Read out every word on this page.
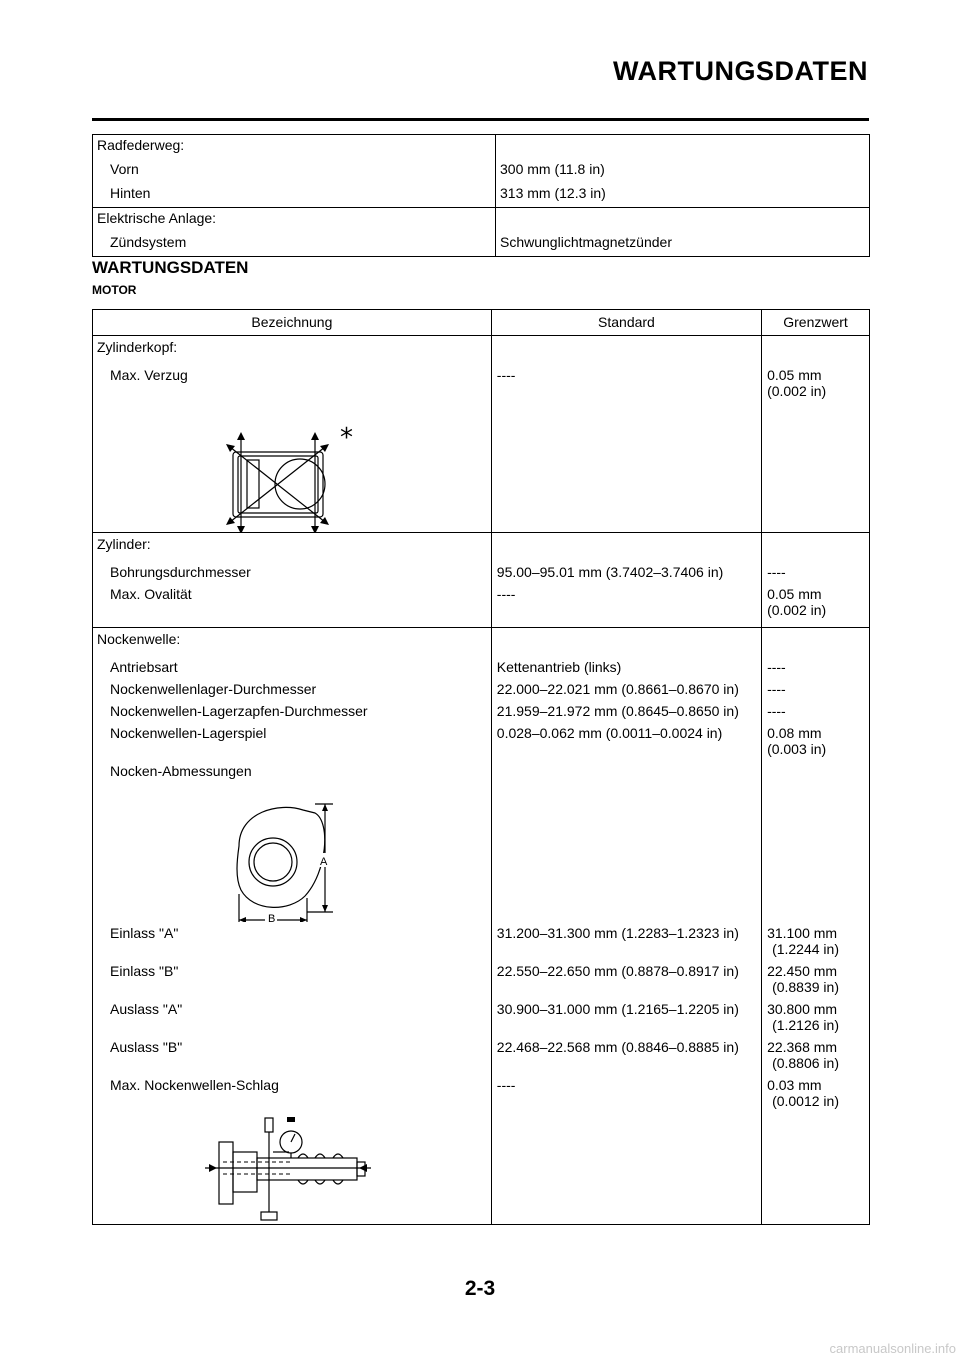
WARTUNGSDATEN
Radfederweg:	
Vorn	300 mm (11.8 in)
Hinten	313 mm (12.3 in)
Elektrische Anlage:	
Zündsystem	Schwunglichtmagnetzünder
WARTUNGSDATEN
MOTOR
Bezeichnung	Standard	Grenzwert
Zylinderkopf:		

Max. Verzug	----	0.05 mm (0.002 in)

*		

Zylinder:		

Bohrungsdurchmesser	95.00–95.01 mm (3.7402–3.7406 in)	----
Max. Ovalität	----	0.05 mm (0.002 in)

Nockenwelle:		

Antriebsart	Kettenantrieb (links)	----
Nockenwellenlager-Durchmesser	22.000–22.021 mm (0.8661–0.8670 in)	----
Nockenwellen-Lagerzapfen-Durchmesser	21.959–21.972 mm (0.8645–0.8650 in)	----
Nockenwellen-Lagerspiel	0.028–0.062 mm (0.0011–0.0024 in)	0.08 mm (0.003 in)
Nocken-Abmessungen		

A
B		

Einlass "A"	31.200–31.300 mm (1.2283–1.2323 in)	31.100 mm
(1.2244 in)

Einlass "B"	22.550–22.650 mm (0.8878–0.8917 in)	22.450 mm
(0.8839 in)

Auslass "A"	30.900–31.000 mm (1.2165–1.2205 in)	30.800 mm
(1.2126 in)

Auslass "B"	22.468–22.568 mm (0.8846–0.8885 in)	22.368 mm
(0.8806 in)

Max. Nockenwellen-Schlag	----	0.03 mm
(0.0012 in)

2-3
carmanualsonline.info
